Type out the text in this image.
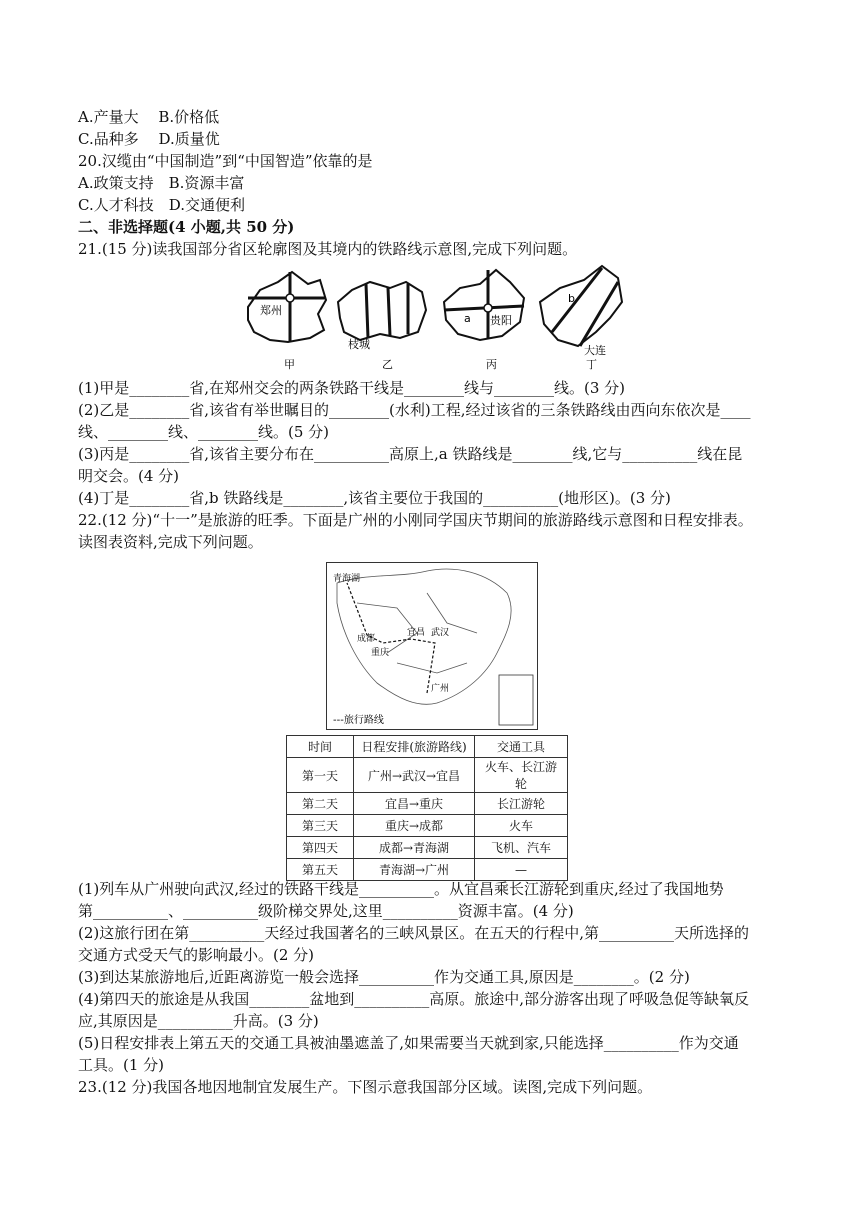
A.产量大　 B.价格低
C.品种多　 D.质量优
20.汉缆由“中国制造”到“中国智造”依靠的是
A.政策支持　B.资源丰富
C.人才科技　D.交通便利
二、非选择题(4 小题,共 50 分)
21.(15 分)读我国部分省区轮廓图及其境内的铁路线示意图,完成下列问题。
郑州
枝城
贵阳
a
b
大连
甲	乙	丙	丁
(1)甲是________省,在郑州交会的两条铁路干线是________线与________线。(3 分)
(2)乙是________省,该省有举世瞩目的________(水利)工程,经过该省的三条铁路线由西向东依次是____
线、________线、________线。(5 分)
(3)丙是________省,该省主要分布在__________高原上,a 铁路线是________线,它与__________线在昆
明交会。(4 分)
(4)丁是________省,b 铁路线是________,该省主要位于我国的__________(地形区)。(3 分)
22.(12 分)“十一”是旅游的旺季。下面是广州的小刚同学国庆节期间的旅游路线示意图和日程安排表。
读图表资料,完成下列问题。
青海湖
成都
重庆
宜昌 武汉
广州
---旅行路线
时间	日程安排(旅游路线)	交通工具
第一天	广州→武汉→宜昌	火车、长江游轮
第二天	宜昌→重庆	长江游轮
第三天	重庆→成都	火车
第四天	成都→青海湖	飞机、汽车
第五天	青海湖→广州	—
(1)列车从广州驶向武汉,经过的铁路干线是__________。从宜昌乘长江游轮到重庆,经过了我国地势
第__________、__________级阶梯交界处,这里__________资源丰富。(4 分)
(2)这旅行团在第__________天经过我国著名的三峡风景区。在五天的行程中,第__________天所选择的
交通方式受天气的影响最小。(2 分)
(3)到达某旅游地后,近距离游览一般会选择__________作为交通工具,原因是________。(2 分)
(4)第四天的旅途是从我国________盆地到__________高原。旅途中,部分游客出现了呼吸急促等缺氧反
应,其原因是__________升高。(3 分)
(5)日程安排表上第五天的交通工具被油墨遮盖了,如果需要当天就到家,只能选择__________作为交通
工具。(1 分)
23.(12 分)我国各地因地制宜发展生产。下图示意我国部分区域。读图,完成下列问题。
